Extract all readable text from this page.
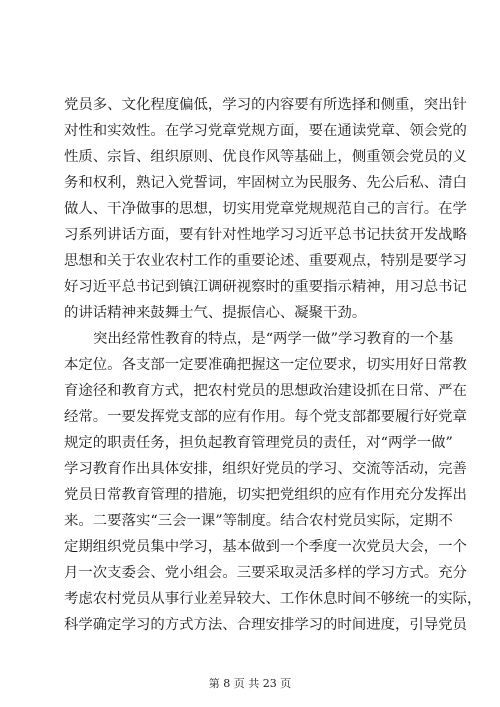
党员多、文化程度偏低，学习的内容要有所选择和侧重，突出针
对性和实效性。在学习党章党规方面，要在通读党章、领会党的
性质、宗旨、组织原则、优良作风等基础上，侧重领会党员的义
务和权利，熟记入党誓词，牢固树立为民服务、先公后私、清白
做人、干净做事的思想，切实用党章党规规范自己的言行。在学
习系列讲话方面，要有针对性地学习习近平总书记扶贫开发战略
思想和关于农业农村工作的重要论述、重要观点，特别是要学习
好习近平总书记到镇江调研视察时的重要指示精神，用习总书记
的讲话精神来鼓舞士气、提振信心、凝聚干劲。
突出经常性教育的特点，是“两学一做”学习教育的一个基
本定位。各支部一定要准确把握这一定位要求，切实用好日常教
育途径和教育方式，把农村党员的思想政治建设抓在日常、严在
经常。一要发挥党支部的应有作用。每个党支部都要履行好党章
规定的职责任务，担负起教育管理党员的责任，对“两学一做”
学习教育作出具体安排，组织好党员的学习、交流等活动，完善
党员日常教育管理的措施，切实把党组织的应有作用充分发挥出
来。二要落实“三会一课”等制度。结合农村党员实际，定期不
定期组织党员集中学习，基本做到一个季度一次党员大会，一个
月一次支委会、党小组会。三要采取灵活多样的学习方式。充分
考虑农村党员从事行业差异较大、工作休息时间不够统一的实际，
科学确定学习的方式方法、合理安排学习的时间进度，引导党员
第 8 页 共 23 页
